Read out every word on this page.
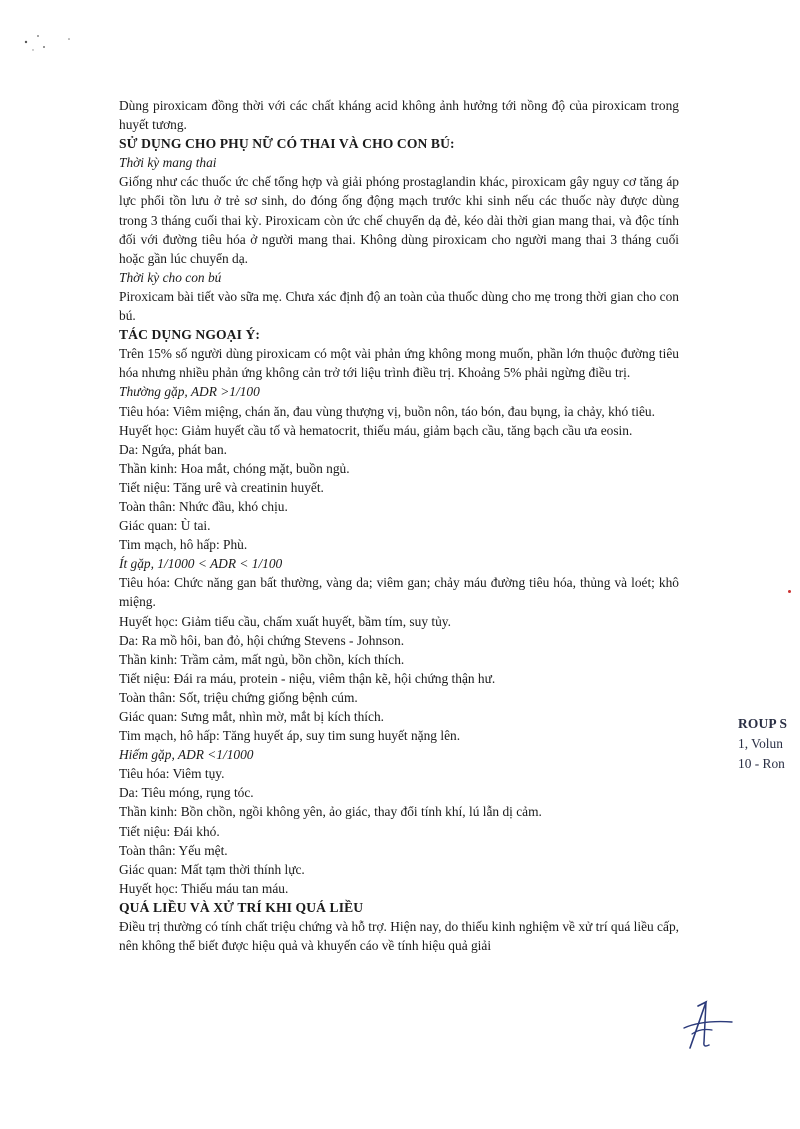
Dùng piroxicam đồng thời với các chất kháng acid không ảnh hưởng tới nồng độ của piroxicam trong huyết tương.

SỬ DỤNG CHO PHỤ NỮ CÓ THAI VÀ CHO CON BÚ:

Thời kỳ mang thai

Giống như các thuốc ức chế tổng hợp và giải phóng prostaglandin khác, piroxicam gây nguy cơ tăng áp lực phổi tồn lưu ở trẻ sơ sinh, do đóng ống động mạch trước khi sinh nếu các thuốc này được dùng trong 3 tháng cuối thai kỳ. Piroxicam còn ức chế chuyển dạ đẻ, kéo dài thời gian mang thai, và độc tính đối với đường tiêu hóa ở người mang thai. Không dùng piroxicam cho người mang thai 3 tháng cuối hoặc gần lúc chuyển dạ.

Thời kỳ cho con bú

Piroxicam bài tiết vào sữa mẹ. Chưa xác định độ an toàn của thuốc dùng cho mẹ trong thời gian cho con bú.

TÁC DỤNG NGOẠI Ý:

Trên 15% số người dùng piroxicam có một vài phản ứng không mong muốn, phần lớn thuộc đường tiêu hóa nhưng nhiều phản ứng không cản trở tới liệu trình điều trị. Khoảng 5% phải ngừng điều trị.

Thường gặp, ADR >1/100

Tiêu hóa: Viêm miệng, chán ăn, đau vùng thượng vị, buồn nôn, táo bón, đau bụng, ỉa chảy, khó tiêu.

Huyết học: Giảm huyết cầu tố và hematocrit, thiếu máu, giảm bạch cầu, tăng bạch cầu ưa eosin.

Da: Ngứa, phát ban.

Thần kinh: Hoa mắt, chóng mặt, buồn ngủ.

Tiết niệu: Tăng urê và creatinin huyết.

Toàn thân: Nhức đầu, khó chịu.

Giác quan: Ù tai.

Tim mạch, hô hấp: Phù.

Ít gặp, 1/1000 < ADR < 1/100

Tiêu hóa: Chức năng gan bất thường, vàng da; viêm gan; chảy máu đường tiêu hóa, thủng và loét; khô miệng.

Huyết học: Giảm tiểu cầu, chấm xuất huyết, bầm tím, suy tủy.

Da: Ra mồ hôi, ban đỏ, hội chứng Stevens - Johnson.

Thần kinh: Trầm cảm, mất ngủ, bồn chồn, kích thích.

Tiết niệu: Đái ra máu, protein - niệu, viêm thận kẽ, hội chứng thận hư.

Toàn thân: Sốt, triệu chứng giống bệnh cúm.

Giác quan: Sưng mắt, nhìn mờ, mắt bị kích thích.

Tim mạch, hô hấp: Tăng huyết áp, suy tim sung huyết nặng lên.

Hiếm gặp, ADR <1/1000

Tiêu hóa: Viêm tụy.

Da: Tiêu móng, rụng tóc.

Thần kinh: Bồn chồn, ngồi không yên, ảo giác, thay đổi tính khí, lú lẫn dị cảm.

Tiết niệu: Đái khó.

Toàn thân: Yếu mệt.

Giác quan: Mất tạm thời thính lực.

Huyết học: Thiếu máu tan máu.

QUÁ LIỀU VÀ XỬ TRÍ KHI QUÁ LIỀU

Điều trị thường có tính chất triệu chứng và hỗ trợ. Hiện nay, do thiếu kinh nghiệm về xử trí quá liều cấp, nên không thể biết được hiệu quả và khuyến cáo về tính hiệu quả giải

ROUP S
1, Volun
10 - Ron
